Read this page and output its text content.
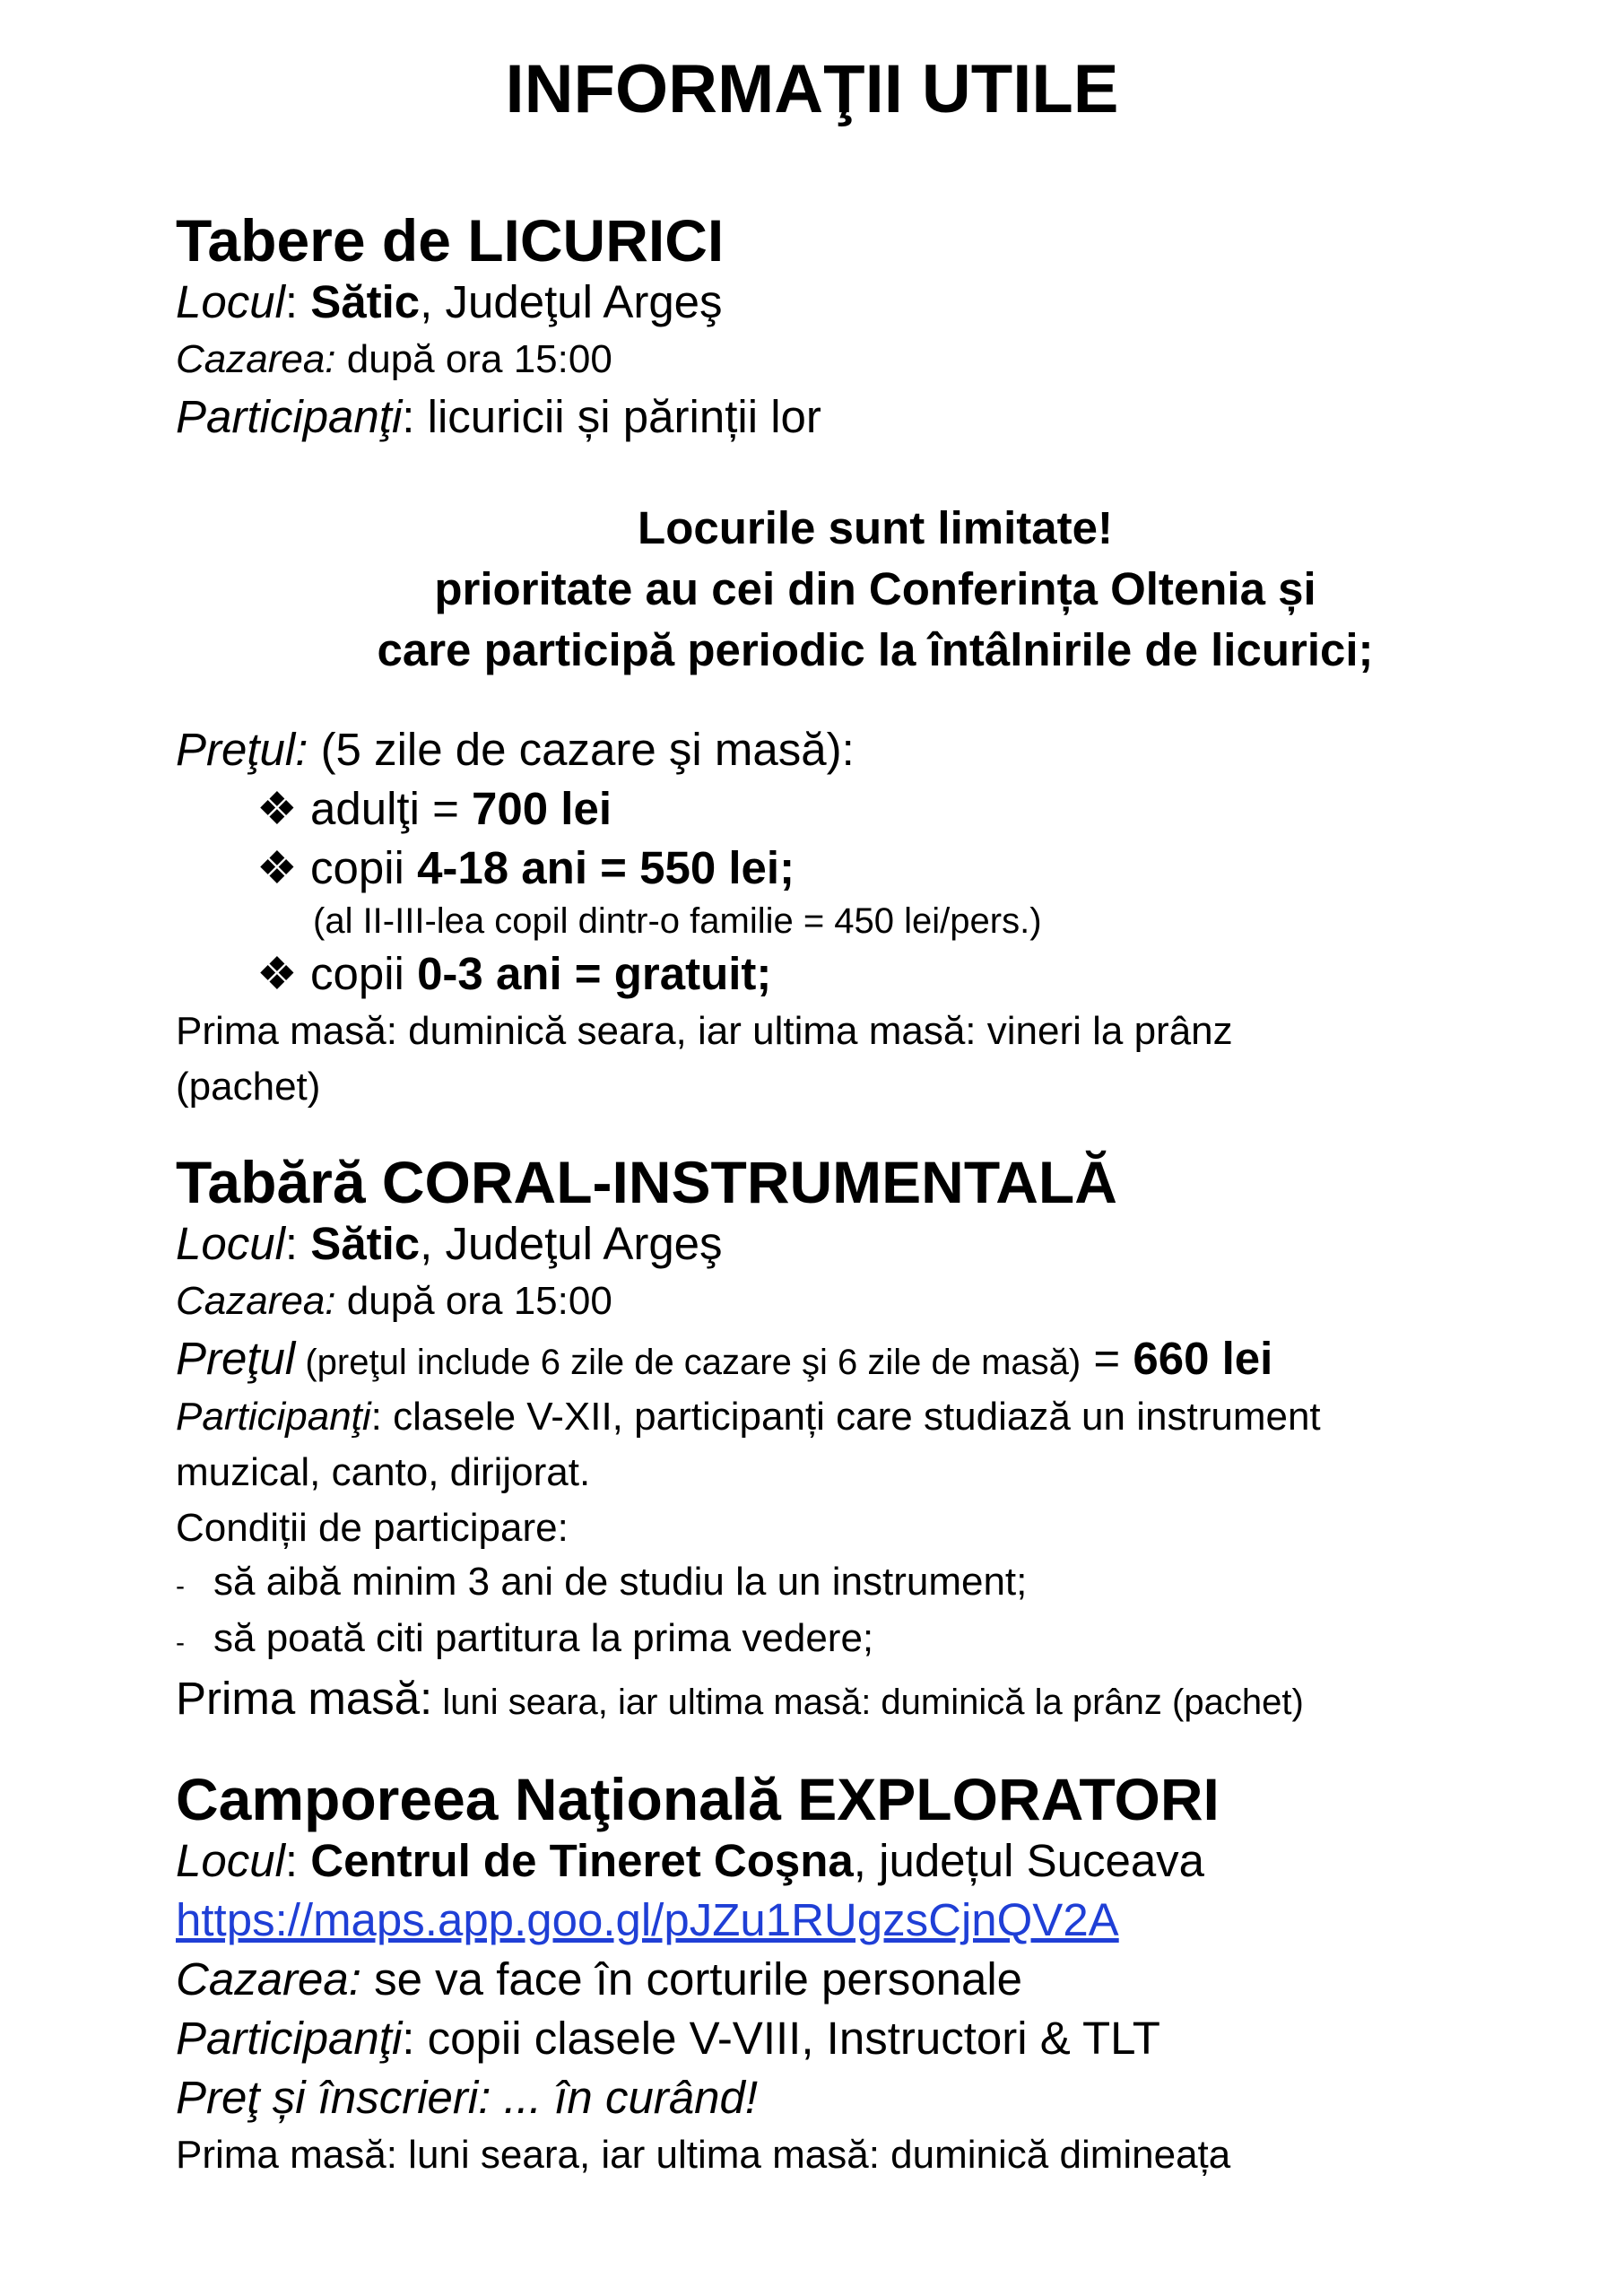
INFORMAŢII UTILE
Tabere de LICURICI
Locul: Sătic, Judeţul Argeş
Cazarea: după ora 15:00
Participanţi: licuricii și părinții lor
Locurile sunt limitate!
prioritate au cei din Conferința Oltenia și
care participă periodic la întâlnirile de licurici;
Preţul: (5 zile de cazare şi masă):
❖ adulţi = 700 lei
❖ copii 4-18 ani = 550 lei;
(al II-III-lea copil dintr-o familie = 450 lei/pers.)
❖ copii 0-3 ani = gratuit;
Prima masă: duminică seara, iar ultima masă: vineri la prânz
(pachet)
Tabără CORAL-INSTRUMENTALĂ
Locul: Sătic, Judeţul Argeş
Cazarea: după ora 15:00
Preţul (preţul include 6 zile de cazare şi 6 zile de masă) = 660 lei
Participanţi: clasele V-XII, participanți care studiază un instrument
muzical, canto, dirijorat.
Condiții de participare:
- să aibă minim 3 ani de studiu la un instrument;
- să poată citi partitura la prima vedere;
Prima masă: luni seara, iar ultima masă: duminică la prânz (pachet)
Camporeea Naţională EXPLORATORI
Locul: Centrul de Tineret Coşna, județul Suceava
https://maps.app.goo.gl/pJZu1RUgzsCjnQV2A
Cazarea: se va face în corturile personale
Participanţi: copii clasele V-VIII, Instructori & TLT
Preţ și înscrieri: ... în curând!
Prima masă: luni seara, iar ultima masă: duminică dimineața
